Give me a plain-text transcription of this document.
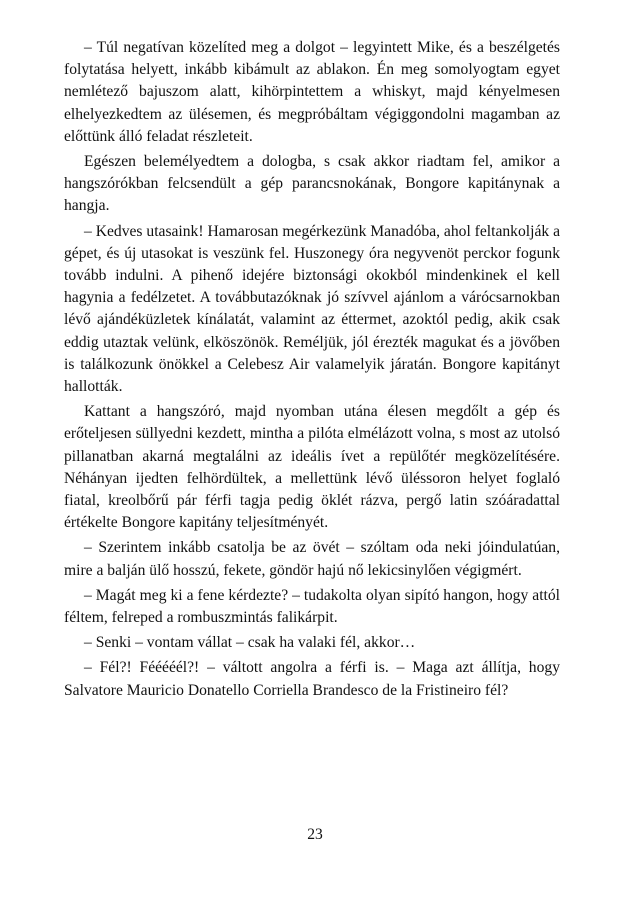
– Túl negatívan közelíted meg a dolgot – legyintett Mike, és a beszélgetés folytatása helyett, inkább kibámult az ablakon. Én meg somolyogtam egyet nemlétező bajuszom alatt, kihörpintettem a whiskyt, majd kényelmesen elhelyezkedtem az ülésemen, és megpróbáltam végiggondolni magamban az előttünk álló feladat részleteit.

Egészen belemélyedtem a dologba, s csak akkor riadtam fel, amikor a hangszórókban felcsendült a gép parancsnokának, Bongore kapitánynak a hangja.

– Kedves utasaink! Hamarosan megérkezünk Manadóba, ahol feltankolják a gépet, és új utasokat is veszünk fel. Huszonegy óra negyvenöt perckor fogunk tovább indulni. A pihenő idejére biztonsági okokból mindenkinek el kell hagynia a fedélzetet. A továbbutazóknak jó szívvel ajánlom a várócsarnokban lévő ajándéküzletek kínálatát, valamint az éttermet, azoktól pedig, akik csak eddig utaztak velünk, elköszönök. Reméljük, jól érezték magukat és a jövőben is találkozunk önökkel a Celebesz Air valamelyik járatán. Bongore kapitányt hallották.

Kattant a hangszóró, majd nyomban utána élesen megdőlt a gép és erőteljesen süllyedni kezdett, mintha a pilóta elmélázott volna, s most az utolsó pillanatban akarná megtalálni az ideális ívet a repülőtér megközelítésére. Néhányan ijedten felhördültek, a mellettünk lévő üléssoron helyet foglaló fiatal, kreolbőrű pár férfi tagja pedig öklét rázva, pergő latin szóáradattal értékelte Bongore kapitány teljesítményét.

– Szerintem inkább csatolja be az övét – szóltam oda neki jóindulatúan, mire a balján ülő hosszú, fekete, göndör hajú nő lekicsinylően végigmért.

– Magát meg ki a fene kérdezte? – tudakolta olyan sipító hangon, hogy attól féltem, felreped a rombuszmintás falikárpit.

– Senki – vontam vállat – csak ha valaki fél, akkor…

– Fél?! Fééééél?! – váltott angolra a férfi is. – Maga azt állítja, hogy Salvatore Mauricio Donatello Corriella Brandesco de la Fristineiro fél?

23
